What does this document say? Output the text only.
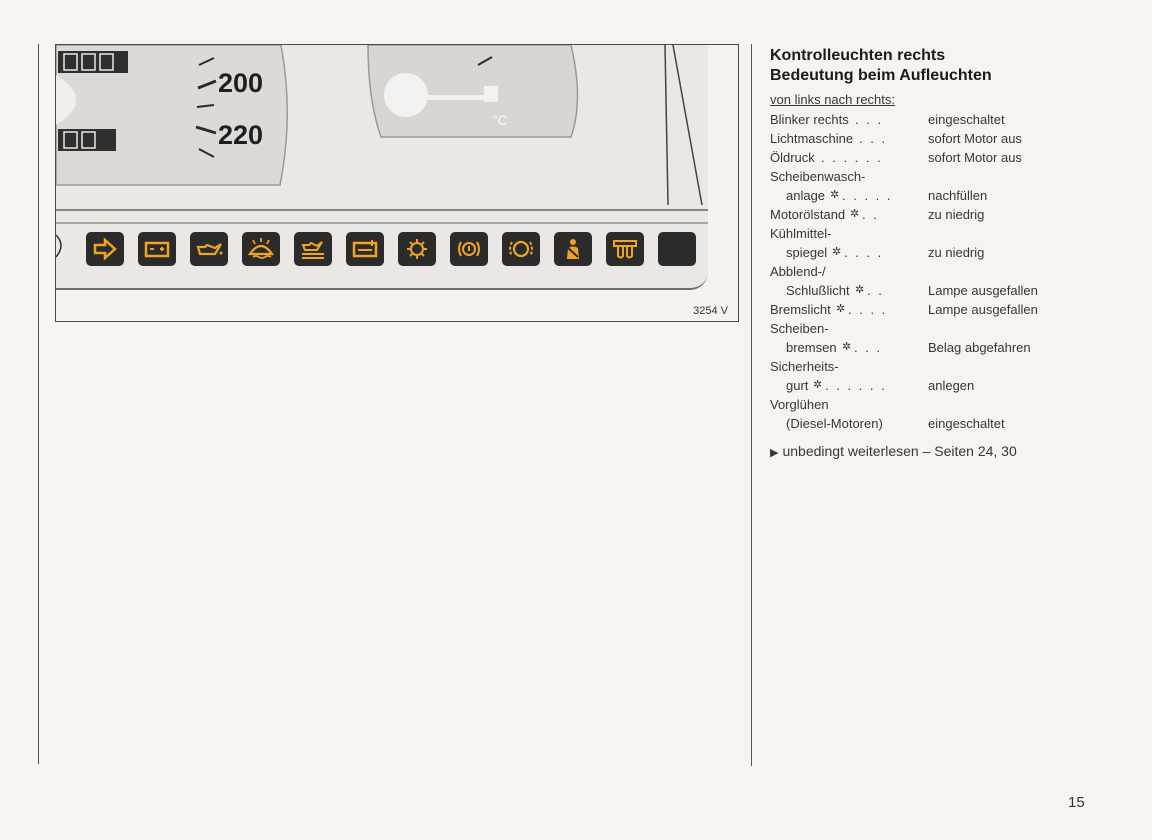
200
220	°C
3254 V
Kontrolleuchten rechts
Bedeutung beim Aufleuchten
von links nach rechts:
Blinker rechts . . .	eingeschaltet
Lichtmaschine . . .	sofort Motor aus
Öldruck . . . . . .	sofort Motor aus
Scheibenwasch-
anlage ✲ . . . . .	nachfüllen
Motorölstand ✲ . .	zu niedrig
Kühlmittel-
spiegel ✲ . . . .	zu niedrig
Abblend-/
Schlußlicht ✲ . .	Lampe ausgefallen
Bremslicht ✲ . . . .	Lampe ausgefallen
Scheiben-
bremsen ✲ . . .	Belag abgefahren
Sicherheits-
gurt ✲ . . . . . .	anlegen
Vorglühen
(Diesel-Motoren)	eingeschaltet
▶ unbedingt weiterlesen – Seiten 24, 30
15
